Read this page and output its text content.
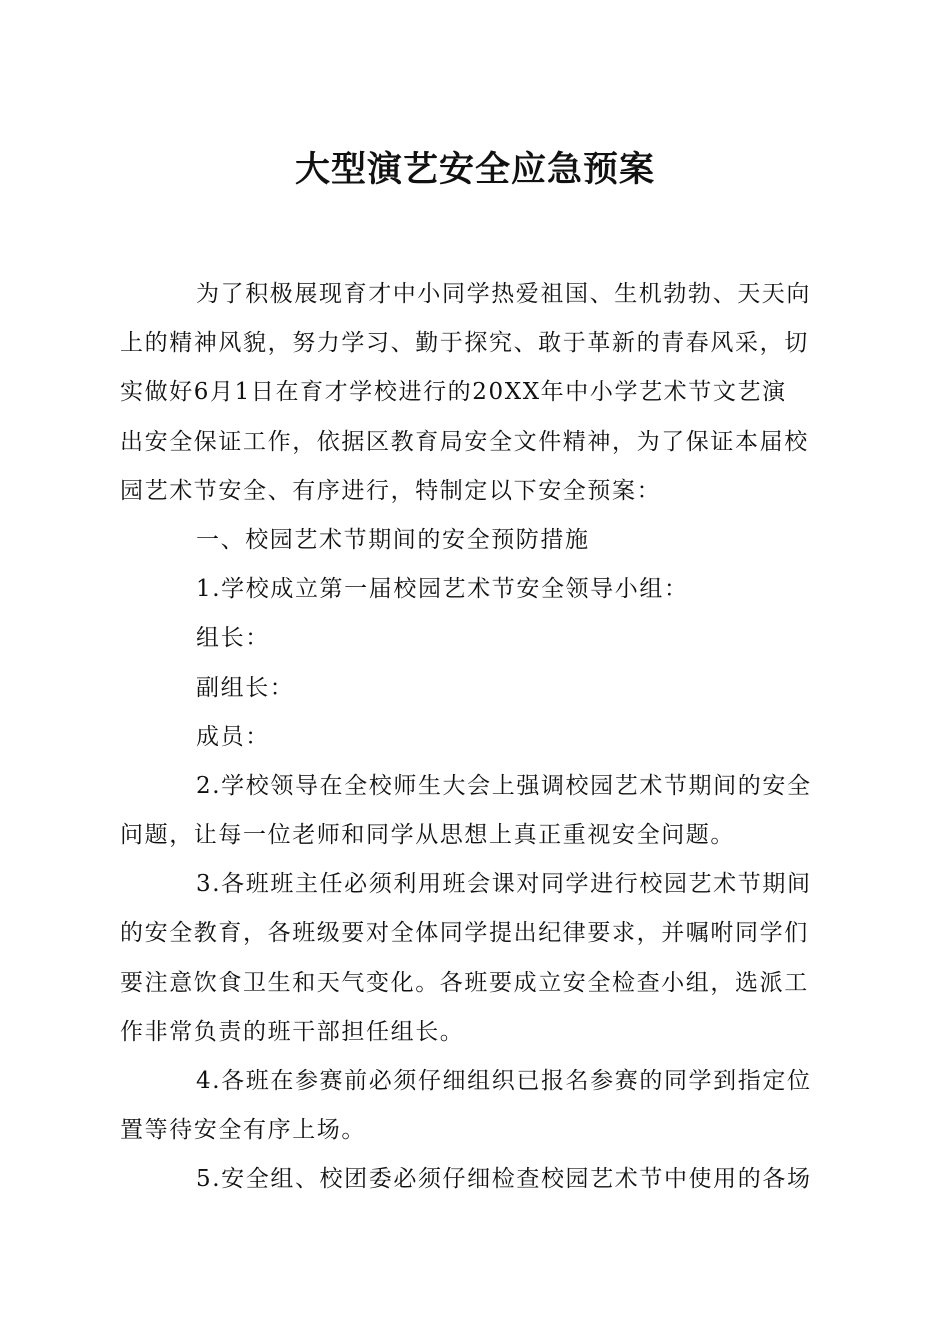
大型演艺安全应急预案
为了积极展现育才中小同学热爱祖国、生机勃勃、天天向
上的精神风貌，努力学习、勤于探究、敢于革新的青春风采，切
实做好6月1日在育才学校进行的20XX年中小学艺术节文艺演
出安全保证工作，依据区教育局安全文件精神，为了保证本届校
园艺术节安全、有序进行，特制定以下安全预案：
一、校园艺术节期间的安全预防措施
1.学校成立第一届校园艺术节安全领导小组：
组长：
副组长：
成员：
2.学校领导在全校师生大会上强调校园艺术节期间的安全
问题，让每一位老师和同学从思想上真正重视安全问题。
3.各班班主任必须利用班会课对同学进行校园艺术节期间
的安全教育，各班级要对全体同学提出纪律要求，并嘱咐同学们
要注意饮食卫生和天气变化。各班要成立安全检查小组，选派工
作非常负责的班干部担任组长。
4.各班在参赛前必须仔细组织已报名参赛的同学到指定位
置等待安全有序上场。
5.安全组、校团委必须仔细检查校园艺术节中使用的各场
